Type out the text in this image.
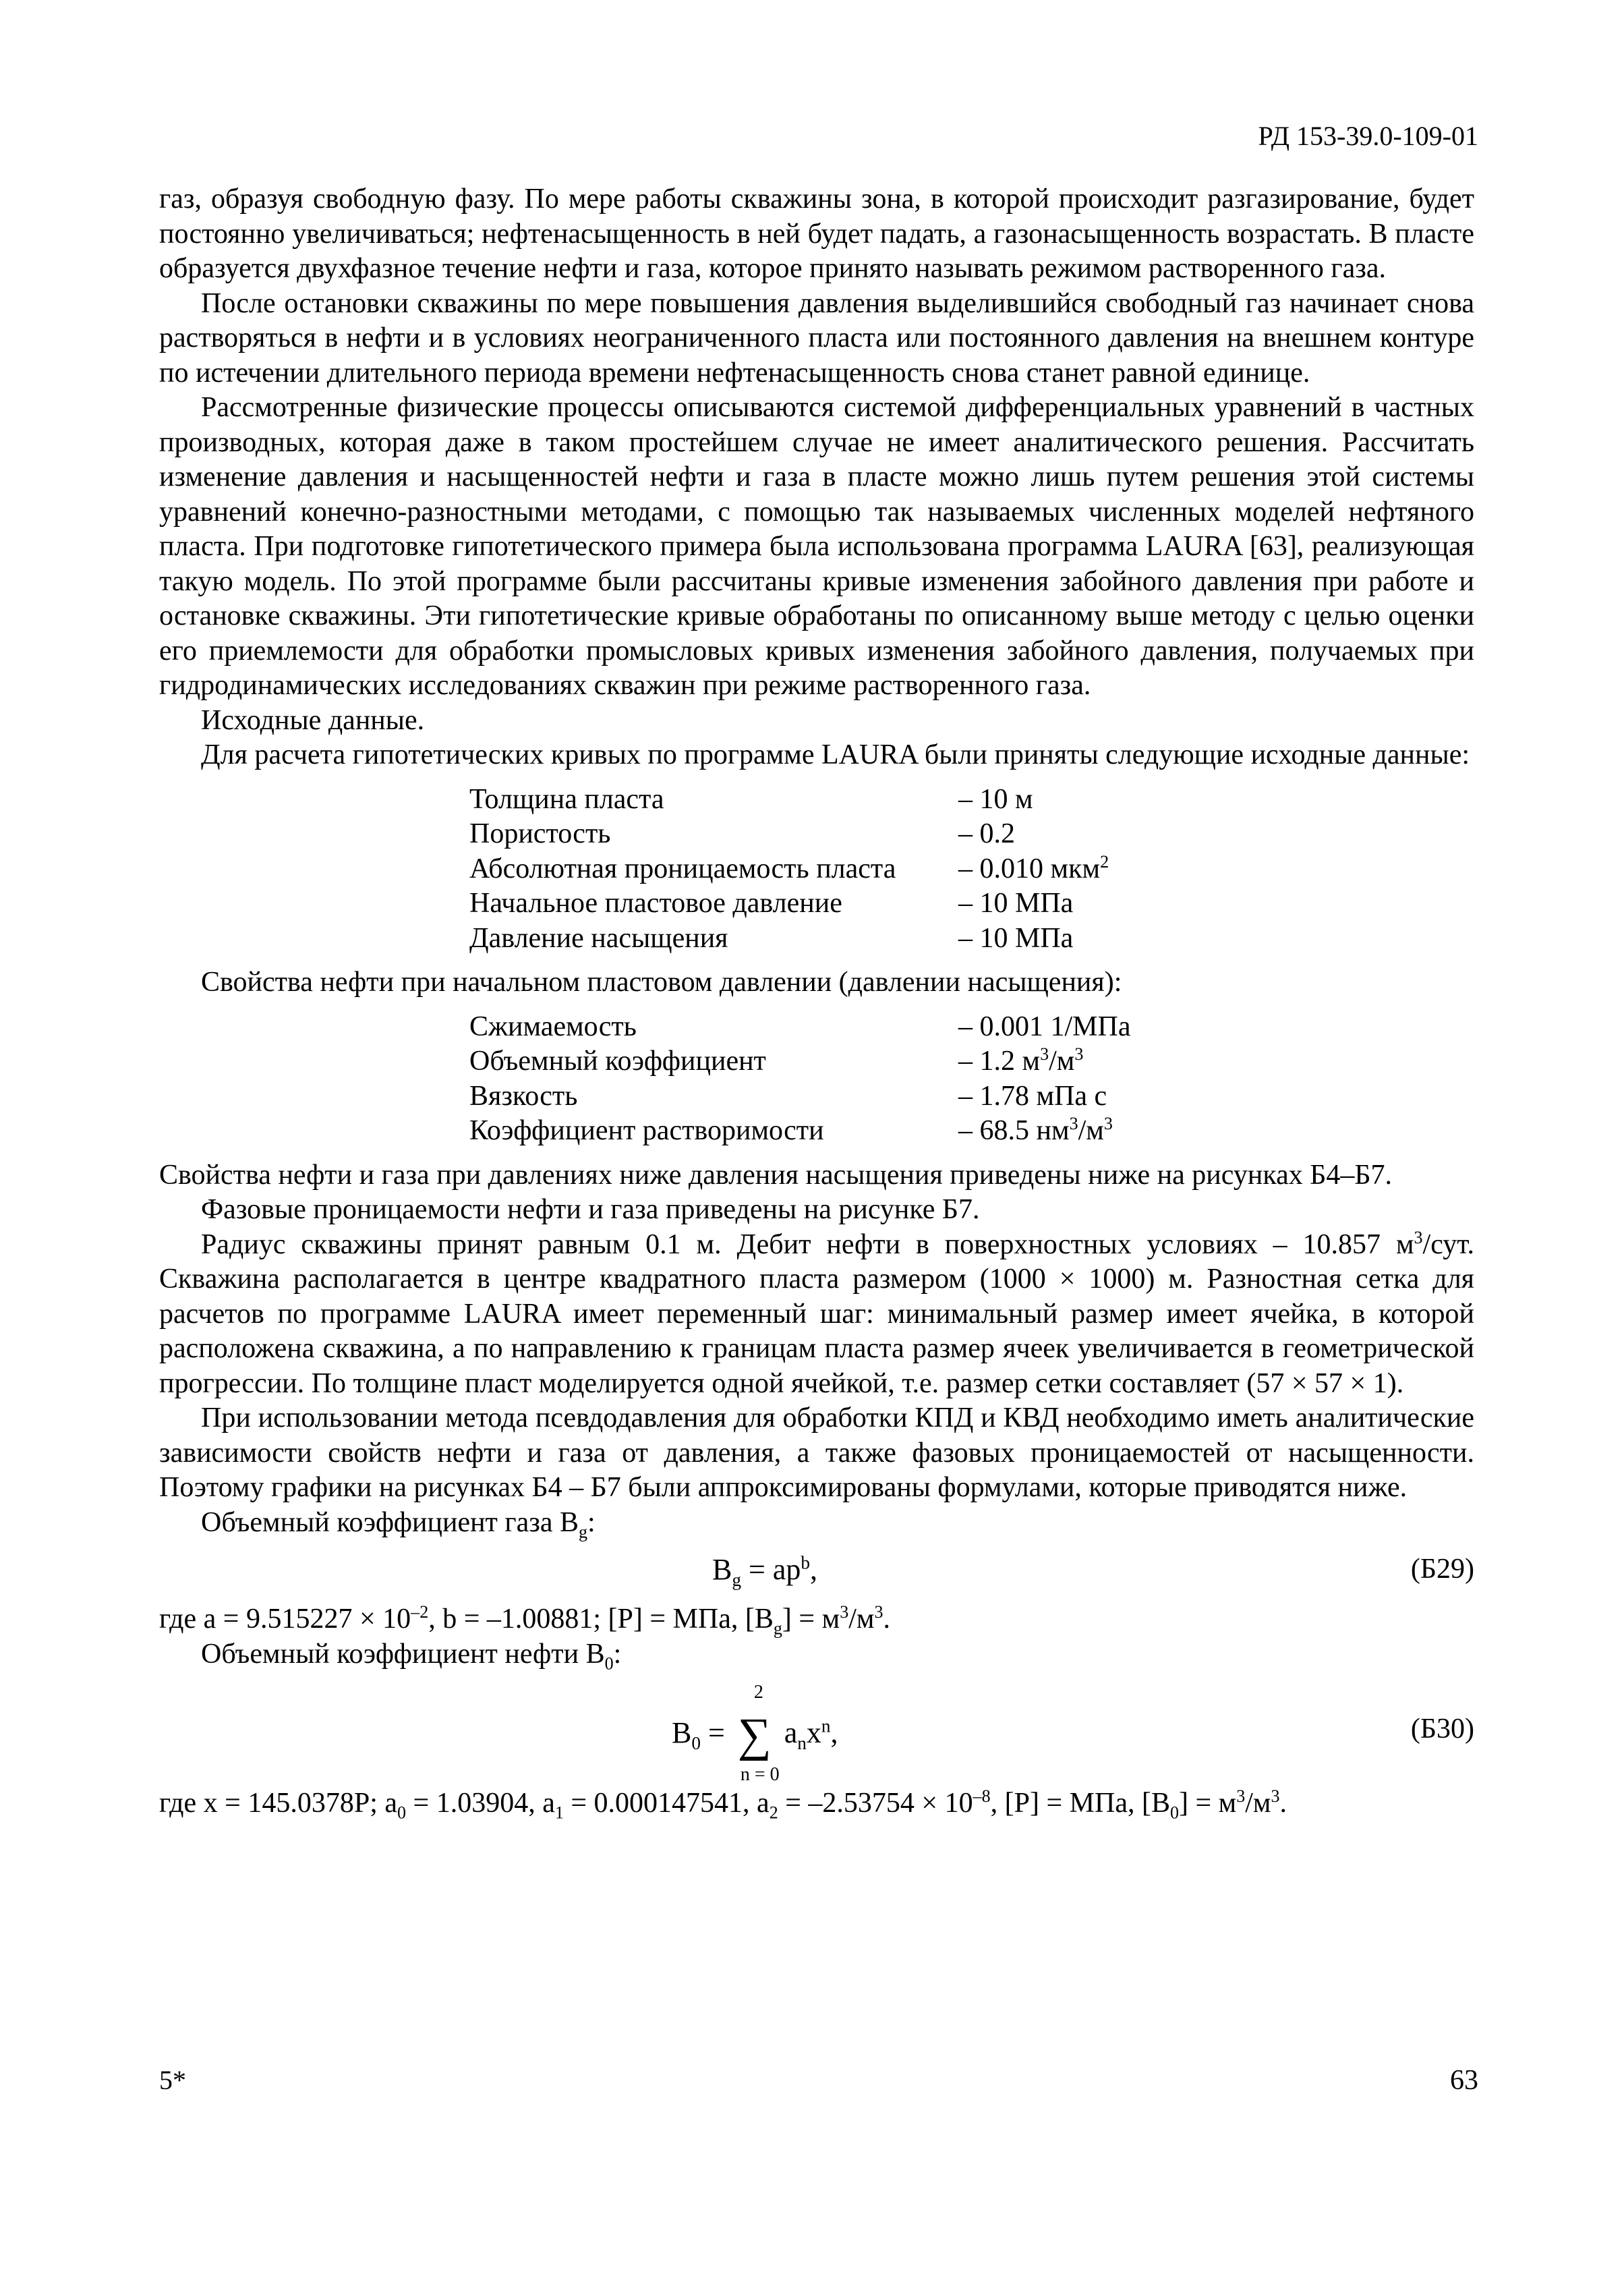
РД 153-39.0-109-01

газ, образуя свободную фазу. По мере работы скважины зона, в которой происходит разгазирование, будет постоянно увеличиваться; нефтенасыщенность в ней будет падать, а газонасыщенность возрастать. В пласте образуется двухфазное течение нефти и газа, которое принято называть режимом растворенного газа.

После остановки скважины по мере повышения давления выделившийся свободный газ начинает снова растворяться в нефти и в условиях неограниченного пласта или постоянного давления на внешнем контуре по истечении длительного периода времени нефтенасыщенность снова станет равной единице.

Рассмотренные физические процессы описываются системой дифференциальных уравнений в частных производных, которая даже в таком простейшем случае не имеет аналитического решения. Рассчитать изменение давления и насыщенностей нефти и газа в пласте можно лишь путем решения этой системы уравнений конечно-разностными методами, с помощью так называемых численных моделей нефтяного пласта. При подготовке гипотетического примера была использована программа LAURA [63], реализующая такую модель. По этой программе были рассчитаны кривые изменения забойного давления при работе и остановке скважины. Эти гипотетические кривые обработаны по описанному выше методу с целью оценки его приемлемости для обработки промысловых кривых изменения забойного давления, получаемых при гидродинамических исследованиях скважин при режиме растворенного газа.

Исходные данные.

Для расчета гипотетических кривых по программе LAURA были приняты следующие исходные данные:

Толщина пласта	– 10 м
Пористость	– 0.2
Абсолютная проницаемость пласта	– 0.010 мкм$^2$
Начальное пластовое давление	– 10 МПа
Давление насыщения	– 10 МПа

Свойства нефти при начальном пластовом давлении (давлении насыщения):

Сжимаемость	– 0.001 1/МПа
Объемный коэффициент	– 1.2 $м^3/м^3$
Вязкость	– 1.78 мПа с
Коэффициент растворимости	– 68.5 $нм^3/м^3$

Свойства нефти и газа при давлениях ниже давления насыщения приведены ниже на рисунках Б4–Б7.

Фазовые проницаемости нефти и газа приведены на рисунке Б7.

Радиус скважины принят равным 0.1 м. Дебит нефти в поверхностных условиях – 10.857 $м^3$/сут. Скважина располагается в центре квадратного пласта размером (1000 × 1000) м. Разностная сетка для расчетов по программе LAURA имеет переменный шаг: минимальный размер имеет ячейка, в которой расположена скважина, а по направлению к границам пласта размер ячеек увеличивается в геометрической прогрессии. По толщине пласт моделируется одной ячейкой, т.е. размер сетки составляет (57 × 57 × 1).

При использовании метода псевдодавления для обработки КПД и КВД необходимо иметь аналитические зависимости свойств нефти и газа от давления, а также фазовых проницаемостей от насыщенности. Поэтому графики на рисунках Б4 – Б7 были аппроксимированы формулами, которые приводятся ниже.

Объемный коэффициент газа $B_g$:

$B_g = ap^b$,	(Б29)

где $a = 9.515227 \times 10^{-2}$, b = –1.00881; [P] = МПа, $[B_g] = м^3/м^3$.

Объемный коэффициент нефти $B_0$:

$B_0$ = ∑
2
n = 0
$a_nx^n$,	(Б30)

где x = 145.0378P; $a_0 = 1.03904$, $a_1 = 0.000147541$, $a_2 = -2.53754 \times 10^{-8}$, [P] = МПа, $[B_0] = м^3/м^3$.

5*	63
